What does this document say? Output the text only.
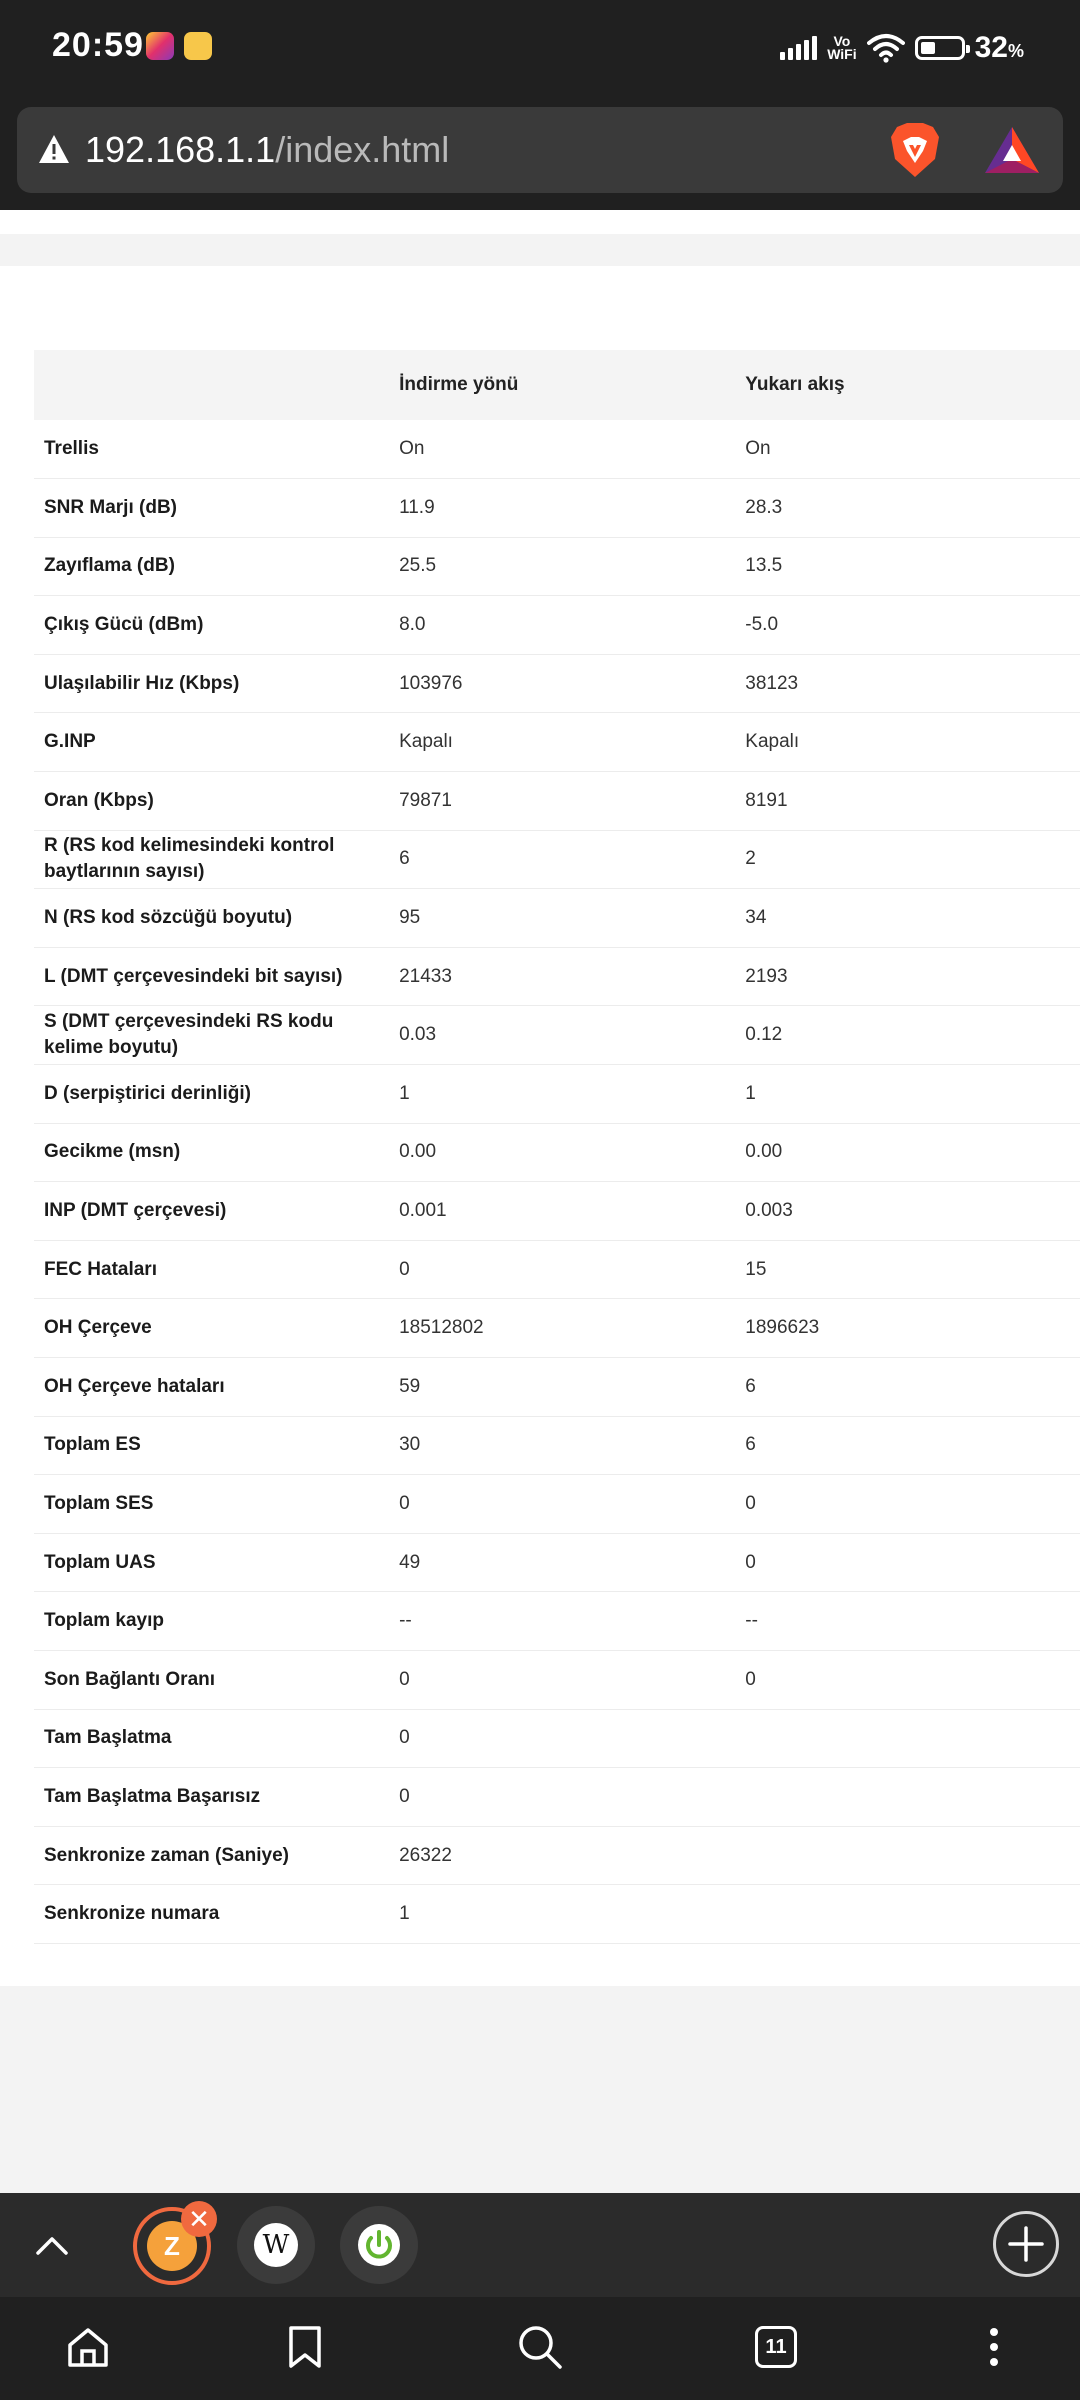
20:59	Vo
WiFi	32%
192.168.1.1/index.html
	İndirme yönü	Yukarı akış
Trellis	On	On
SNR Marjı (dB)	11.9	28.3
Zayıflama (dB)	25.5	13.5
Çıkış Gücü (dBm)	8.0	-5.0
Ulaşılabilir Hız (Kbps)	103976	38123
G.INP	Kapalı	Kapalı
Oran (Kbps)	79871	8191
R (RS kod kelimesindeki kontrol baytlarının sayısı)	6	2
N (RS kod sözcüğü boyutu)	95	34
L (DMT çerçevesindeki bit sayısı)	21433	2193
S (DMT çerçevesindeki RS kodu kelime boyutu)	0.03	0.12
D (serpiştirici derinliği)	1	1
Gecikme (msn)	0.00	0.00
INP (DMT çerçevesi)	0.001	0.003
FEC Hataları	0	15
OH Çerçeve	18512802	1896623
OH Çerçeve hataları	59	6
Toplam ES	30	6
Toplam SES	0	0
Toplam UAS	49	0
Toplam kayıp	--	--
Son Bağlantı Oranı	0	0
Tam Başlatma	0	
Tam Başlatma Başarısız	0	
Senkronize zaman (Saniye)	26322	
Senkronize numara	1	
Z
✕
W
11
